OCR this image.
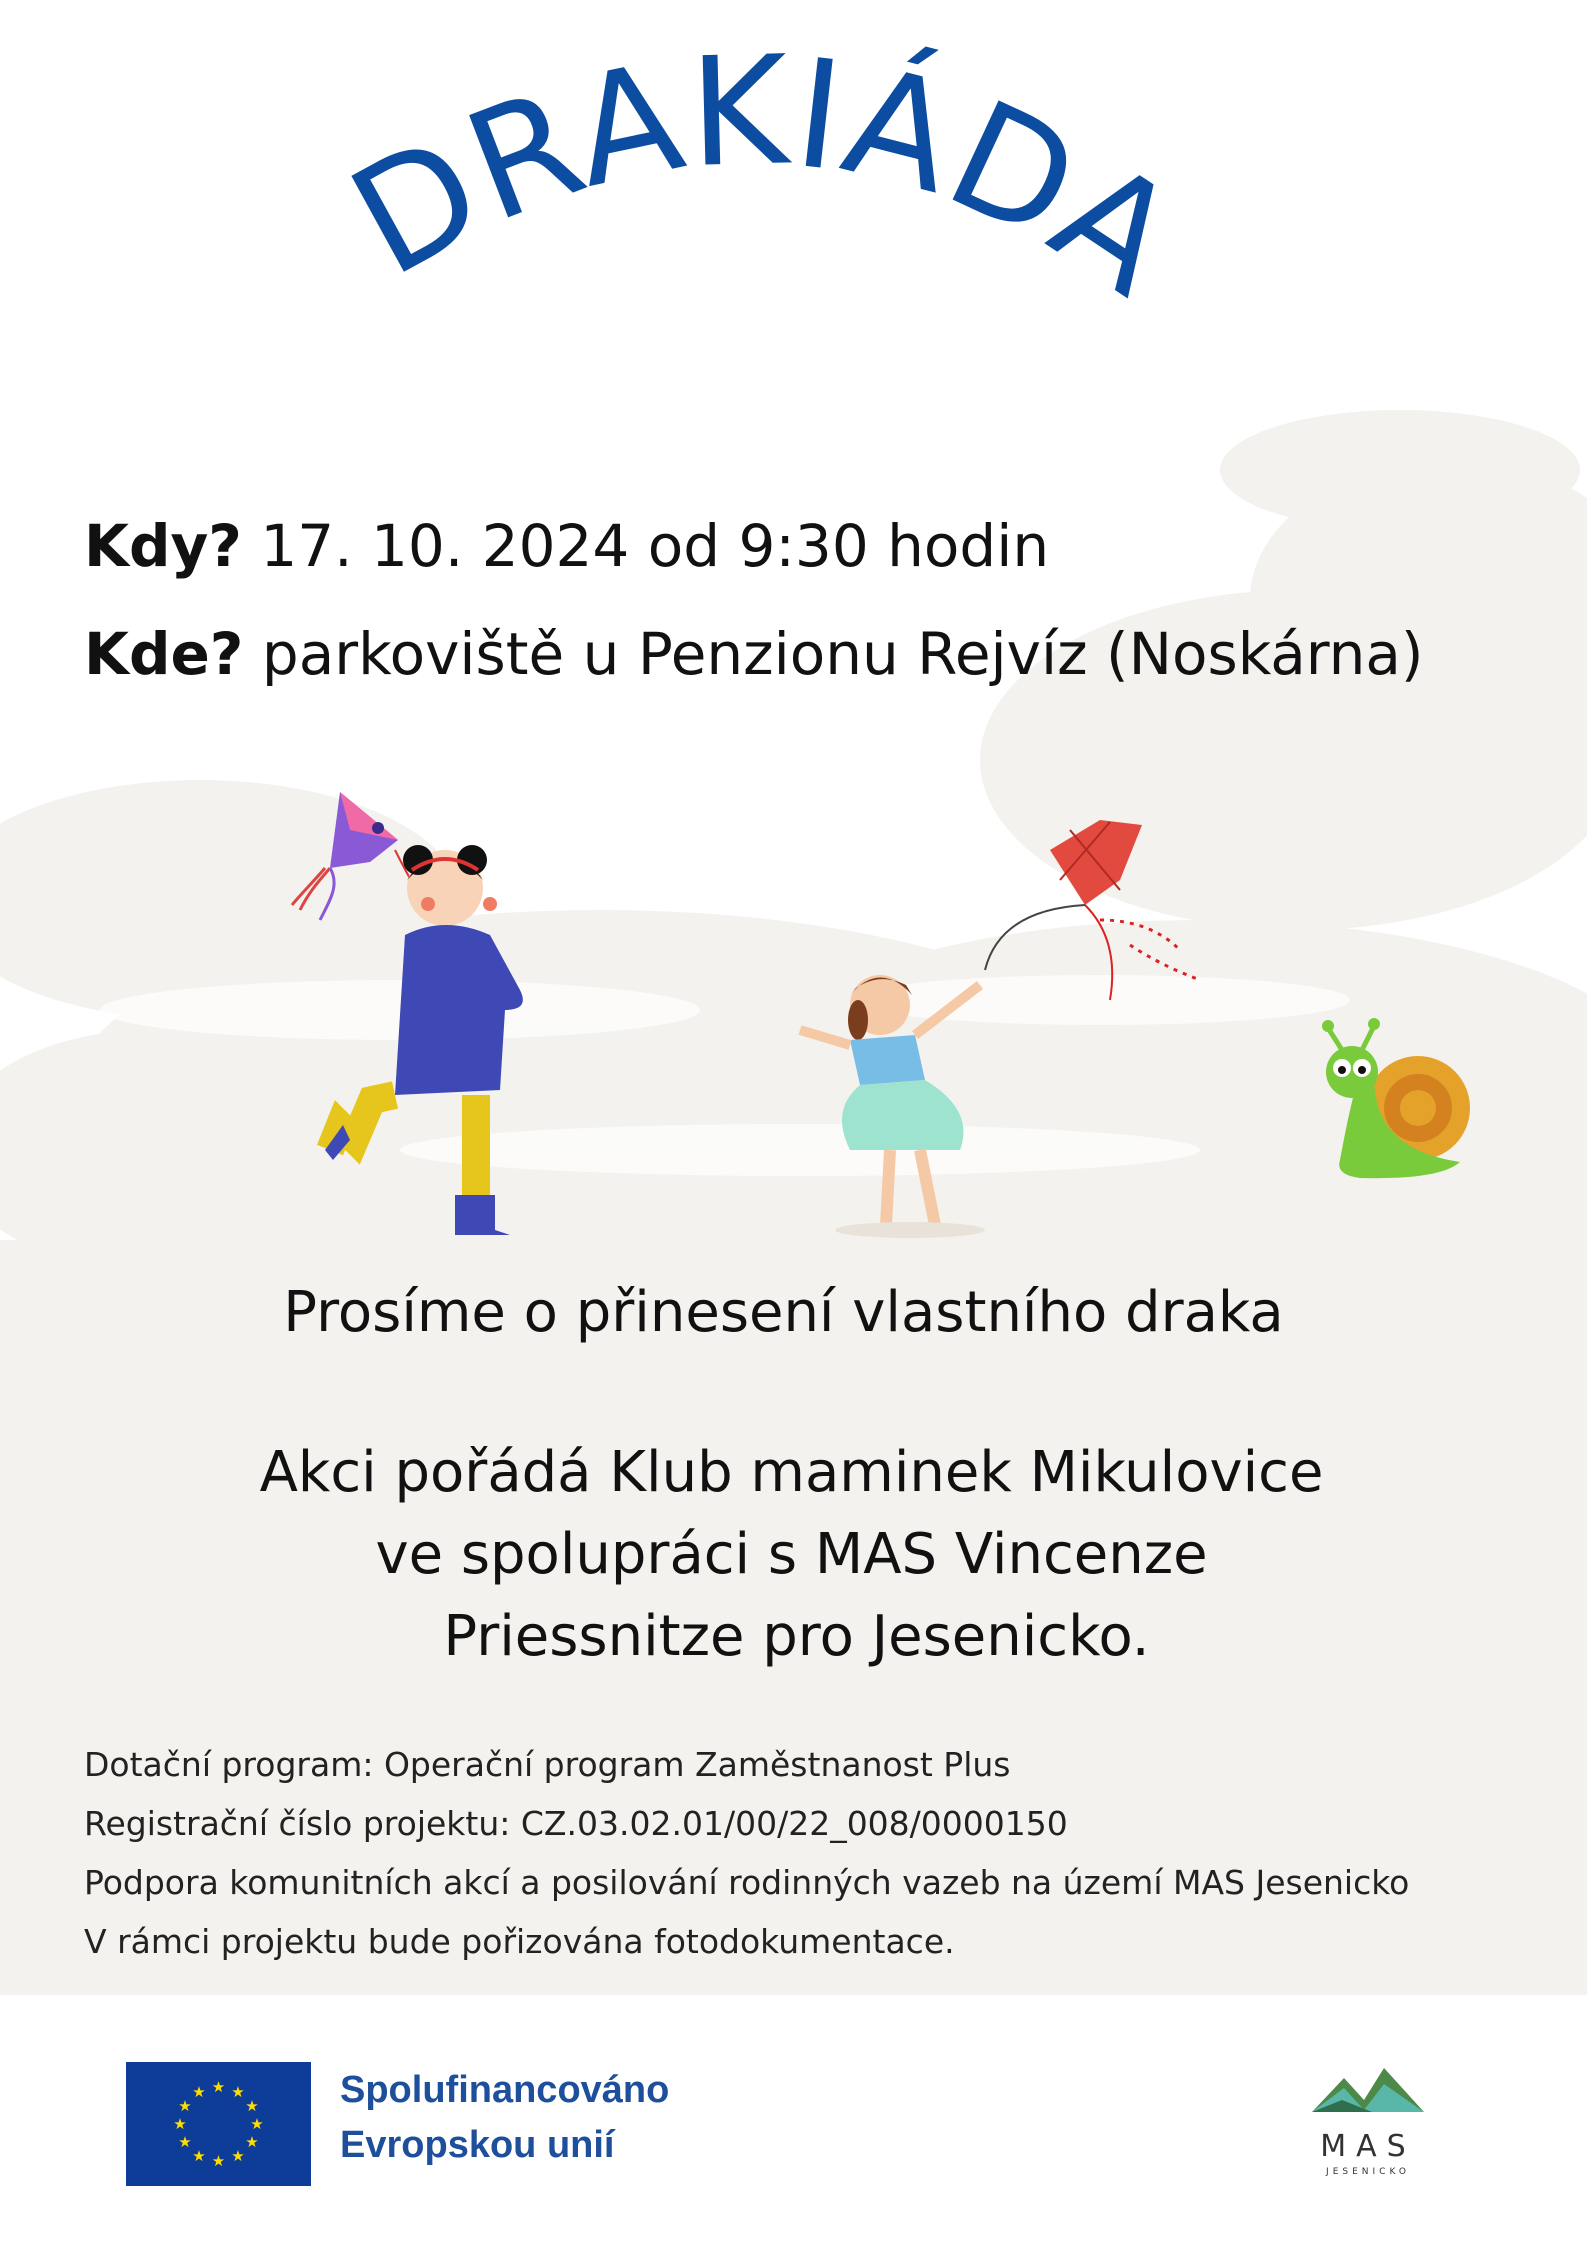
DRAKIÁDA
Kdy? 17. 10. 2024 od 9:30 hodin
Kde? parkoviště u Penzionu Rejvíz (Noskárna)
Prosíme o přinesení vlastního draka
Akci pořádá Klub maminek Mikulovice
ve spolupráci s MAS Vincenze
Priessnitze pro Jesenicko.
Dotační program: Operační program Zaměstnanost Plus
Registrační číslo projektu: CZ.03.02.01/00/22_008/0000150
Podpora komunitních akcí a posilování rodinných vazeb na území MAS Jesenicko
V rámci projektu bude pořizována fotodokumentace.
★ ★
★
★
★
★
★
★
★
★
★
★	Spolufinancováno
Evropskou unií	MAS
JESENICKO
